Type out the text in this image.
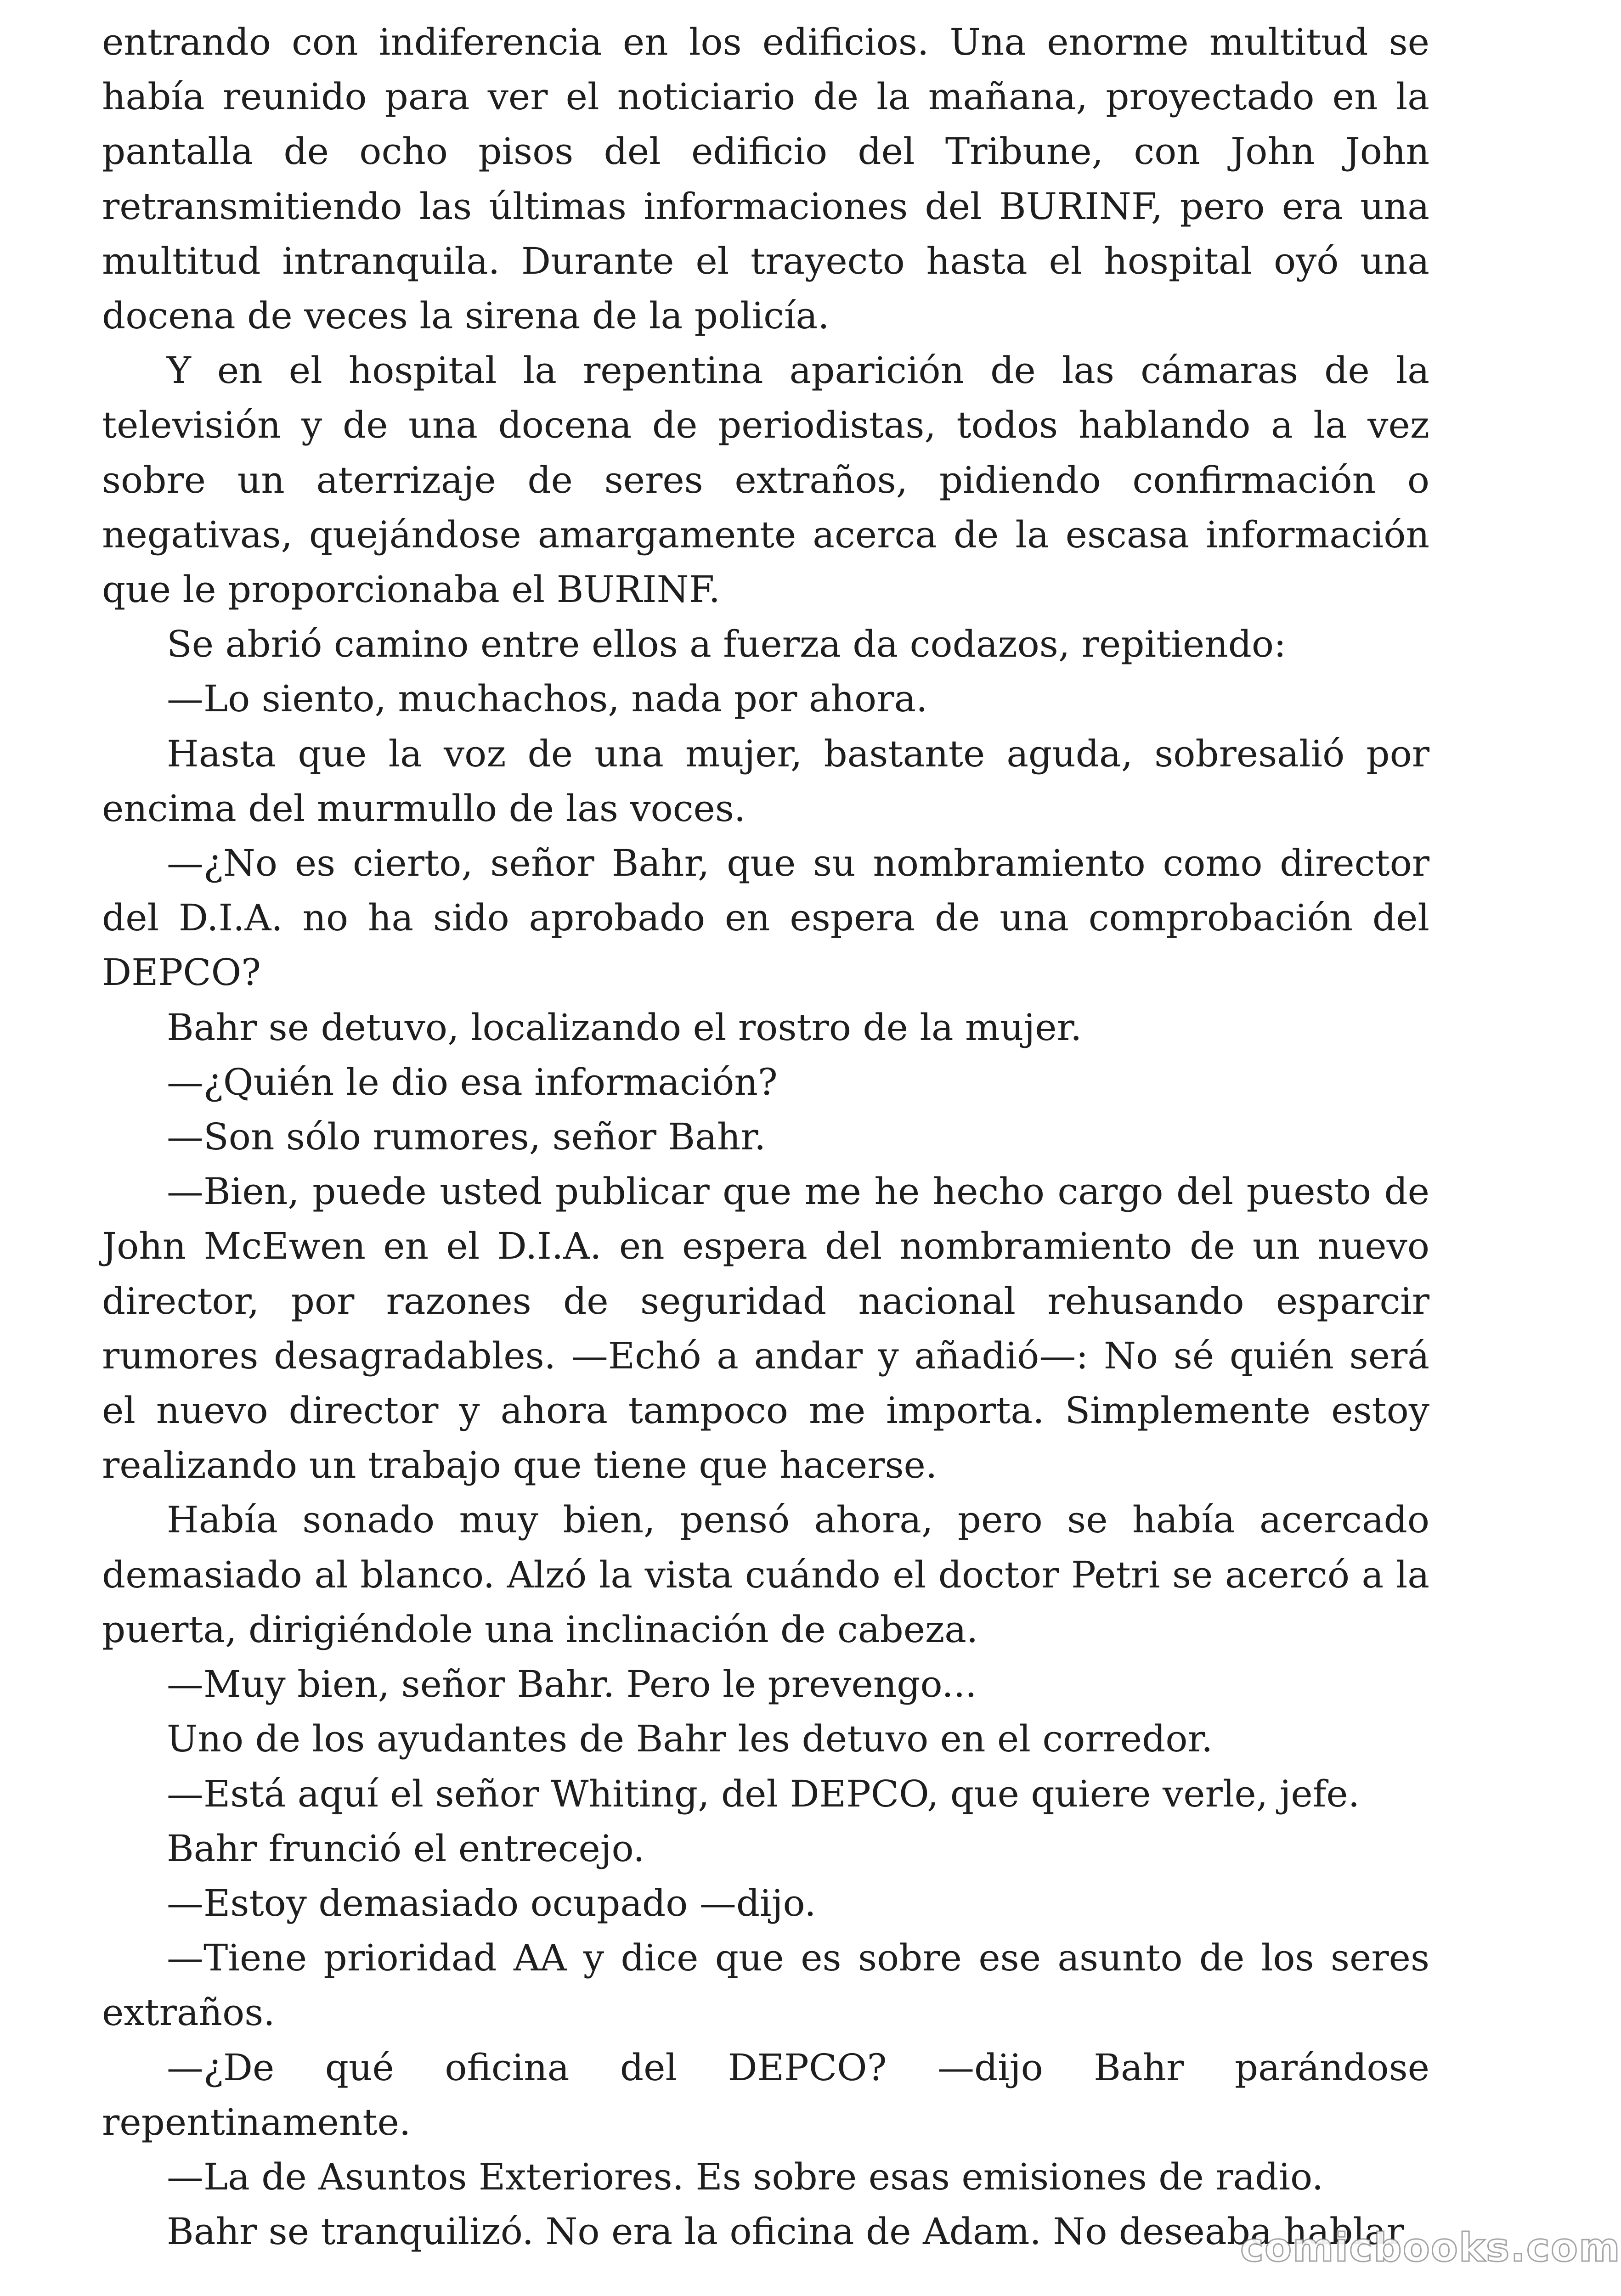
entrando con indiferencia en los edificios. Una enorme multitud se había reunido para ver el noticiario de la mañana, proyectado en la pantalla de ocho pisos del edificio del Tribune, con John John retransmitiendo las últimas informaciones del BURINF, pero era una multitud intranquila. Durante el trayecto hasta el hospital oyó una docena de veces la sirena de la policía.

Y en el hospital la repentina aparición de las cámaras de la televisión y de una docena de periodistas, todos hablando a la vez sobre un aterrizaje de seres extraños, pidiendo confirmación o negativas, quejándose amargamente acerca de la escasa información que le proporcionaba el BURINF.

Se abrió camino entre ellos a fuerza da codazos, repitiendo:

—Lo siento, muchachos, nada por ahora.

Hasta que la voz de una mujer, bastante aguda, sobresalió por encima del murmullo de las voces.

—¿No es cierto, señor Bahr, que su nombramiento como director del D.I.A. no ha sido aprobado en espera de una comprobación del DEPCO?

Bahr se detuvo, localizando el rostro de la mujer.

—¿Quién le dio esa información?

—Son sólo rumores, señor Bahr.

—Bien, puede usted publicar que me he hecho cargo del puesto de John McEwen en el D.I.A. en espera del nombramiento de un nuevo director, por razones de seguridad nacional rehusando esparcir rumores desagradables. —Echó a andar y añadió—: No sé quién será el nuevo director y ahora tampoco me importa. Simplemente estoy realizando un trabajo que tiene que hacerse.

Había sonado muy bien, pensó ahora, pero se había acercado demasiado al blanco. Alzó la vista cuándo el doctor Petri se acercó a la puerta, dirigiéndole una inclinación de cabeza.

—Muy bien, señor Bahr. Pero le prevengo...

Uno de los ayudantes de Bahr les detuvo en el corredor.

—Está aquí el señor Whiting, del DEPCO, que quiere verle, jefe.

Bahr frunció el entrecejo.

—Estoy demasiado ocupado —dijo.

—Tiene prioridad AA y dice que es sobre ese asunto de los seres extraños.

—¿De qué oficina del DEPCO? —dijo Bahr parándose repentinamente.

—La de Asuntos Exteriores. Es sobre esas emisiones de radio.

Bahr se tranquilizó. No era la oficina de Adam. No deseaba hablar

comicbooks.com
